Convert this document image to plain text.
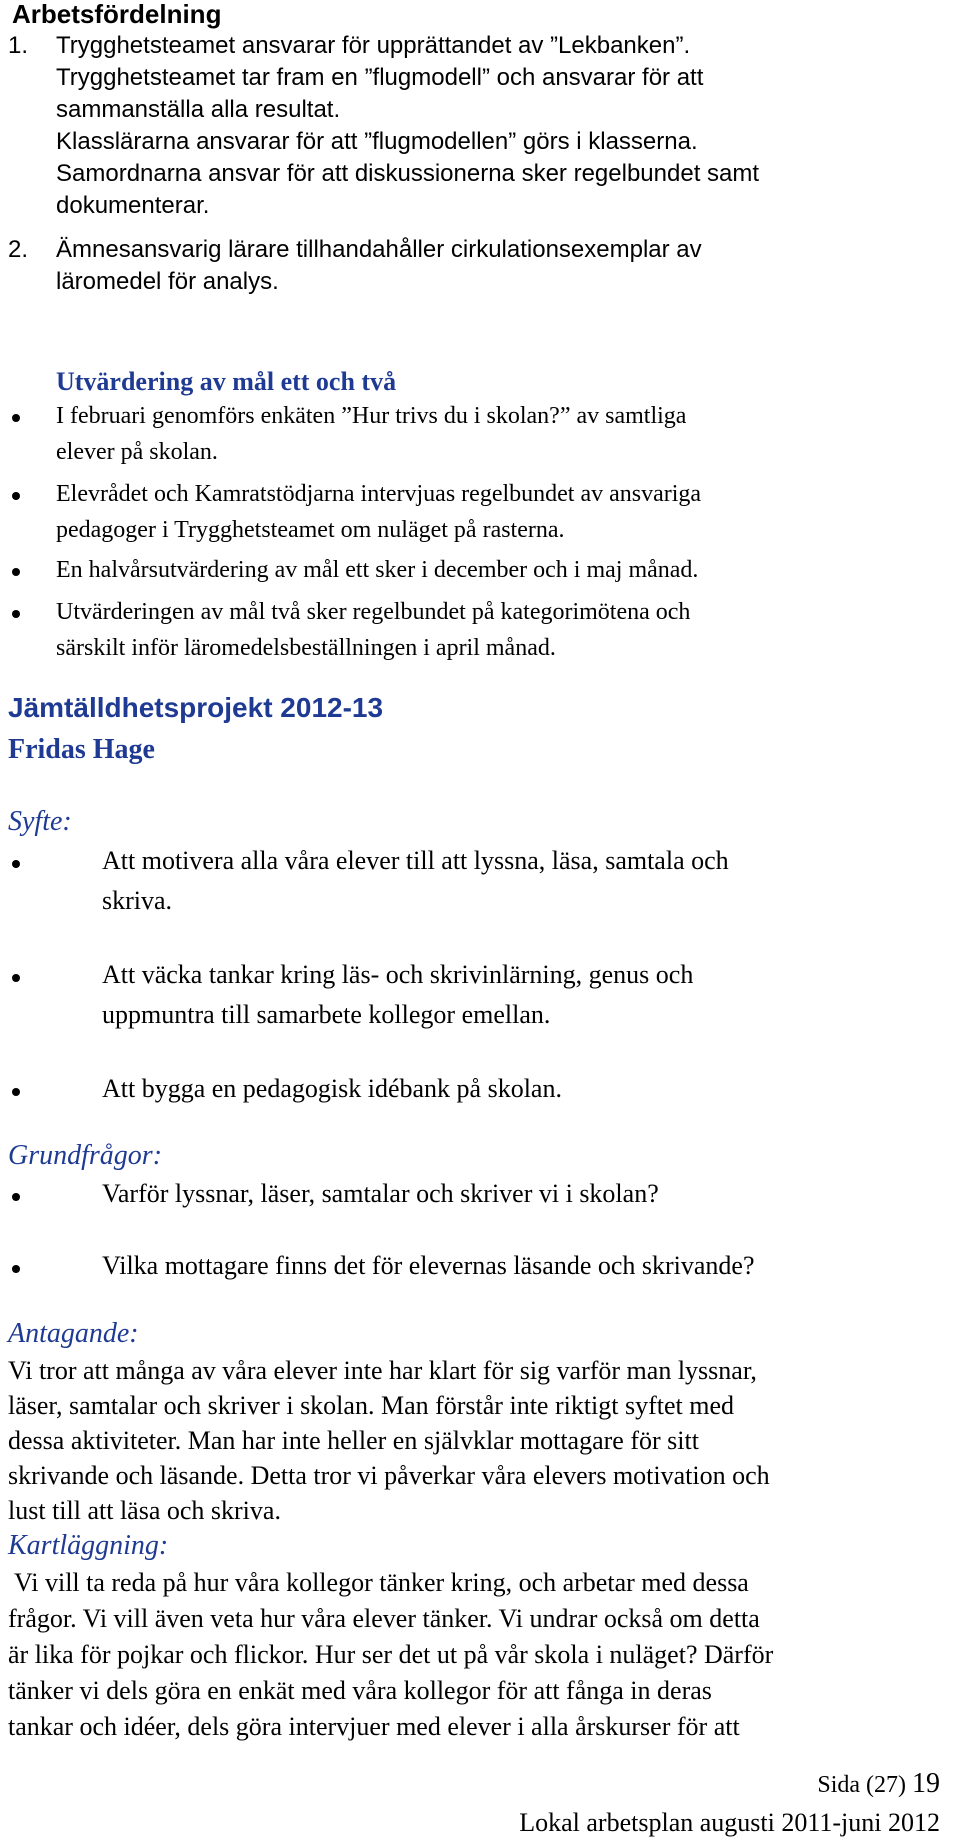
Arbetsfördelning
1. Trygghetsteamet ansvarar för upprättandet av ”Lekbanken”.
Trygghetsteamet tar fram en ”flugmodell” och ansvarar för att
sammanställa alla resultat.
Klasslärarna ansvarar för att ”flugmodellen” görs i klasserna.
Samordnarna ansvar för att diskussionerna sker regelbundet samt
dokumenterar.
2. Ämnesansvarig lärare tillhandahåller cirkulationsexemplar av
läromedel för analys.
Utvärdering av mål ett och två
I februari genomförs enkäten ”Hur trivs du i skolan?” av samtliga
elever på skolan.
Elevrådet och Kamratstödjarna intervjuas regelbundet av ansvariga
pedagoger i Trygghetsteamet om nuläget på rasterna.
En halvårsutvärdering av mål ett sker i december och i maj månad.
Utvärderingen av mål två sker regelbundet på kategorimötena och
särskilt inför läromedelsbeställningen i april månad.
Jämtälldhetsprojekt 2012-13
Fridas Hage
Syfte:
Att motivera alla våra elever till att lyssna, läsa, samtala och
skriva.
Att väcka tankar kring läs- och skrivinlärning, genus och
uppmuntra till samarbete kollegor emellan.
Att bygga en pedagogisk idébank på skolan.
Grundfrågor:
Varför lyssnar, läser, samtalar och skriver vi i skolan?
Vilka mottagare finns det för elevernas läsande och skrivande?
Antagande:
Vi tror att många av våra elever inte har klart för sig varför man lyssnar,
läser, samtalar och skriver i skolan. Man förstår inte riktigt syftet med
dessa aktiviteter. Man har inte heller en självklar mottagare för sitt
skrivande och läsande. Detta tror vi påverkar våra elevers motivation och
lust till att läsa och skriva.
Kartläggning:
Vi vill ta reda på hur våra kollegor tänker kring, och arbetar med dessa
frågor. Vi vill även veta hur våra elever tänker. Vi undrar också om detta
är lika för pojkar och flickor. Hur ser det ut på vår skola i nuläget? Därför
tänker vi dels göra en enkät med våra kollegor för att fånga in deras
tankar och idéer, dels göra intervjuer med elever i alla årskurser för att
Sida (27) 19
Lokal arbetsplan augusti 2011-juni 2012
